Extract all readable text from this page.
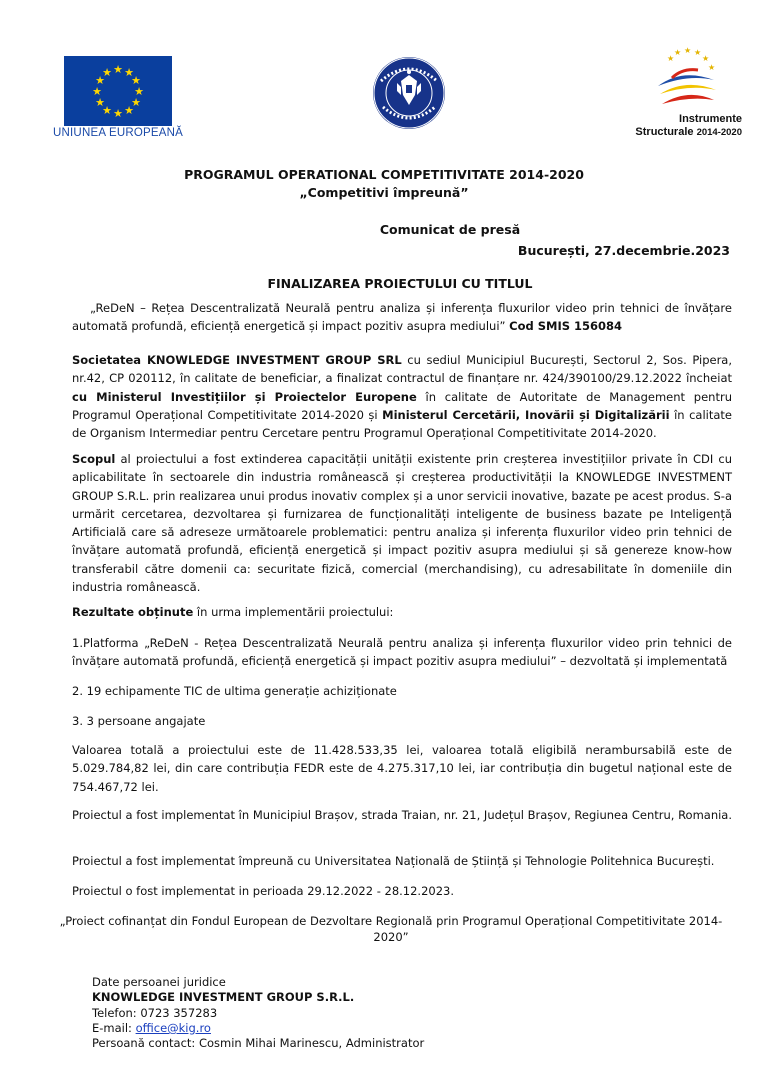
★ ★
★
★
★
★
★
★
★
★
★
★
UNIUNEA EUROPEANĂ
★ ★ ★
★
★
★
Instrumente
Structurale 2014-2020
PROGRAMUL OPERATIONAL COMPETITIVITATE 2014-2020
„Competitivi împreună”
Comunicat de presă
București, 27.decembrie.2023
FINALIZAREA PROIECTULUI CU TITLUL

„ReDeN – Rețea Descentralizată Neurală pentru analiza și inferența fluxurilor video prin tehnici de învățare automată profundă, eficiență energetică și impact pozitiv asupra mediului” Cod SMIS 156084

Societatea KNOWLEDGE INVESTMENT GROUP SRL cu sediul Municipiul București, Sectorul 2, Sos. Pipera, nr.42, CP 020112, în calitate de beneficiar, a finalizat contractul de finanțare nr. 424/390100/29.12.2022 încheiat cu Ministerul Investițiilor și Proiectelor Europene în calitate de Autoritate de Management pentru Programul Operațional Competitivitate 2014-2020 și Ministerul Cercetării, Inovării și Digitalizării în calitate de Organism Intermediar pentru Cercetare pentru Programul Operațional Competitivitate 2014-2020.

Scopul al proiectului a fost extinderea capacității unității existente prin creșterea investițiilor private în CDI cu aplicabilitate în sectoarele din industria românească și creșterea productivității la KNOWLEDGE INVESTMENT GROUP S.R.L. prin realizarea unui produs inovativ complex și a unor servicii inovative, bazate pe acest produs. S-a urmărit cercetarea, dezvoltarea și furnizarea de funcționalități inteligente de business bazate pe Inteligență Artificială care să adreseze următoarele problematici: pentru analiza și inferența fluxurilor video prin tehnici de învățare automată profundă, eficiență energetică și impact pozitiv asupra mediului și să genereze know-how transferabil către domenii ca: securitate fizică, comercial (merchandising), cu adresabilitate în domeniile din industria românească.

Rezultate obținute în urma implementării proiectului:

1.Platforma „ReDeN - Rețea Descentralizată Neurală pentru analiza și inferența fluxurilor video prin tehnici de învățare automată profundă, eficiență energetică și impact pozitiv asupra mediului” – dezvoltată și implementată

2. 19 echipamente TIC de ultima generație achiziționate

3. 3 persoane angajate

Valoarea totală a proiectului este de 11.428.533,35 lei, valoarea totală eligibilă nerambursabilă este de 5.029.784,82 lei, din care contribuția FEDR este de 4.275.317,10 lei, iar contribuția din bugetul național este de 754.467,72 lei.

Proiectul a fost implementat în Municipiul Brașov, strada Traian, nr. 21, Județul Brașov, Regiunea Centru, Romania.

Proiectul a fost implementat împreună cu Universitatea Națională de Știință și Tehnologie Politehnica București.

Proiectul o fost implementat in perioada 29.12.2022 - 28.12.2023.

„Proiect cofinanțat din Fondul European de Dezvoltare Regională prin Programul Operațional Competitivitate 2014-2020”
Date persoanei juridice
KNOWLEDGE INVESTMENT GROUP S.R.L.
Telefon: 0723 357283
E-mail: office@kig.ro
Persoană contact: Cosmin Mihai Marinescu, Administrator
